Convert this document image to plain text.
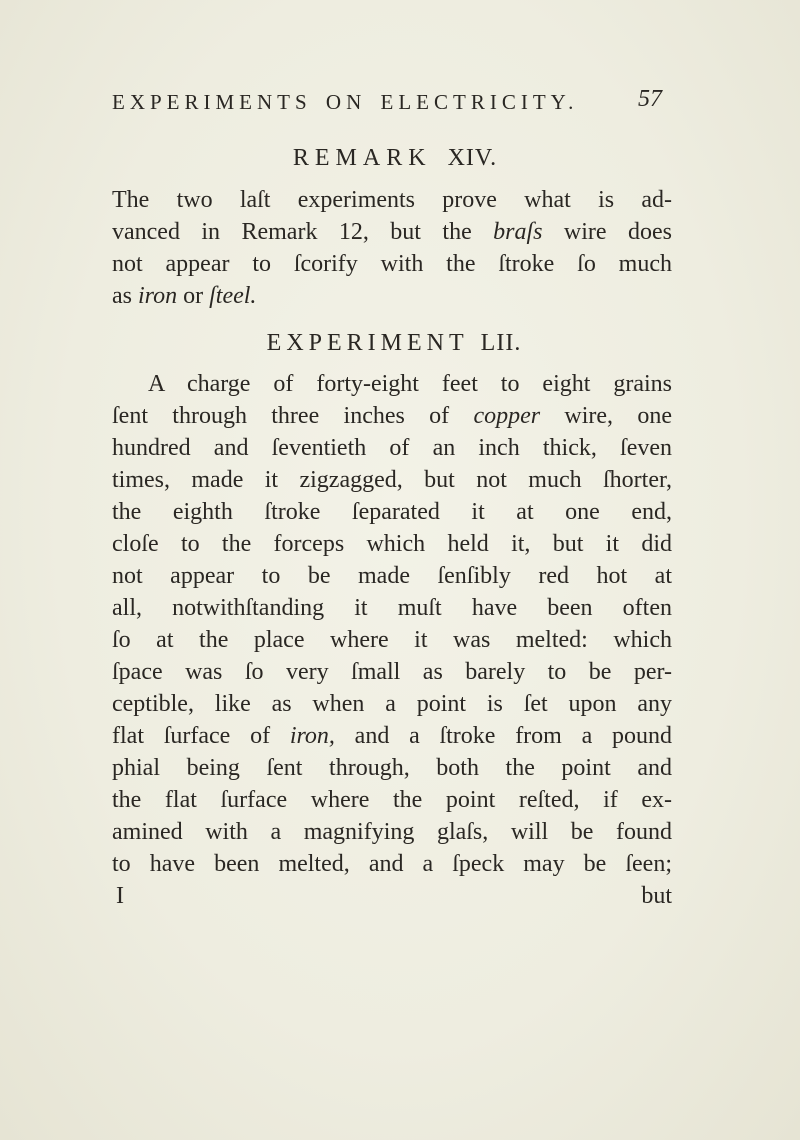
EXPERIMENTS ON ELECTRICITY. 57
REMARK XIV.
The two laſt experiments prove what is ad-
vanced in Remark 12, but the braſs wire does
not appear to ſcorify with the ſtroke ſo much
as iron or ſteel.
EXPERIMENT LII.
A charge of forty-eight feet to eight grains
ſent through three inches of copper wire, one
hundred and ſeventieth of an inch thick, ſeven
times, made it zigzagged, but not much ſhorter,
the eighth ſtroke ſeparated it at one end,
cloſe to the forceps which held it, but it did
not appear to be made ſenſibly red hot at
all, notwithſtanding it muſt have been often
ſo at the place where it was melted: which
ſpace was ſo very ſmall as barely to be per-
ceptible, like as when a point is ſet upon any
flat ſurface of iron, and a ſtroke from a pound
phial being ſent through, both the point and
the flat ſurface where the point reſted, if ex-
amined with a magnifying glaſs, will be found
to have been melted, and a ſpeck may be ſeen;
I	but
